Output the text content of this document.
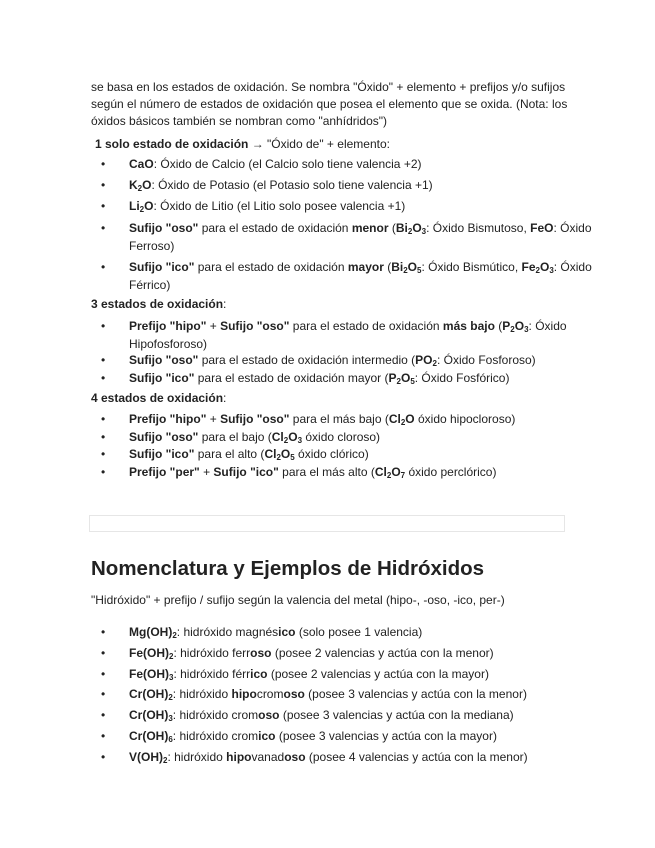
se basa en los estados de oxidación. Se nombra "Óxido" + elemento + prefijos y/o sufijos
según el número de estados de oxidación que posea el elemento que se oxida. (Nota: los
óxidos básicos también se nombran como "anhídridos")
1 solo estado de oxidación → "Óxido de" + elemento:
• CaO: Óxido de Calcio (el Calcio solo tiene valencia +2)
• $K_2O$: Óxido de Potasio (el Potasio solo tiene valencia +1)
• $Li_2O$: Óxido de Litio (el Litio solo posee valencia +1)
• Sufijo "oso" para el estado de oxidación menor ($Bi_2O_3$: Óxido Bismutoso, FeO: Óxido Ferroso)
• Sufijo "ico" para el estado de oxidación mayor ($Bi_2O_5$: Óxido Bismútico, $Fe_2O_3$: Óxido Férrico)
3 estados de oxidación:
• Prefijo "hipo" + Sufijo "oso" para el estado de oxidación más bajo ($P_2O_3$: Óxido Hipofosforoso)
• Sufijo "oso" para el estado de oxidación intermedio ($PO_2$: Óxido Fosforoso)
• Sufijo "ico" para el estado de oxidación mayor ($P_2O_5$: Óxido Fosfórico)
4 estados de oxidación:
• Prefijo "hipo" + Sufijo "oso" para el más bajo ($Cl_2O$ óxido hipocloroso)
• Sufijo "oso" para el bajo ($Cl_2O_3$ óxido cloroso)
• Sufijo "ico" para el alto ($Cl_2O_5$ óxido clórico)
• Prefijo "per" + Sufijo "ico" para el más alto ($Cl_2O_7$ óxido perclórico)
Nomenclatura y Ejemplos de Hidróxidos
"Hidróxido" + prefijo / sufijo según la valencia del metal (hipo-, -oso, -ico, per-)
• $Mg(OH)_2$: hidróxido magnésico (solo posee 1 valencia)
• $Fe(OH)_2$: hidróxido ferroso (posee 2 valencias y actúa con la menor)
• $Fe(OH)_3$: hidróxido férrico (posee 2 valencias y actúa con la mayor)
• $Cr(OH)_2$: hidróxido hipocromoso (posee 3 valencias y actúa con la menor)
• $Cr(OH)_3$: hidróxido cromoso (posee 3 valencias y actúa con la mediana)
• $Cr(OH)_6$: hidróxido cromico (posee 3 valencias y actúa con la mayor)
• $V(OH)_2$: hidróxido hipovanadoso (posee 4 valencias y actúa con la menor)
